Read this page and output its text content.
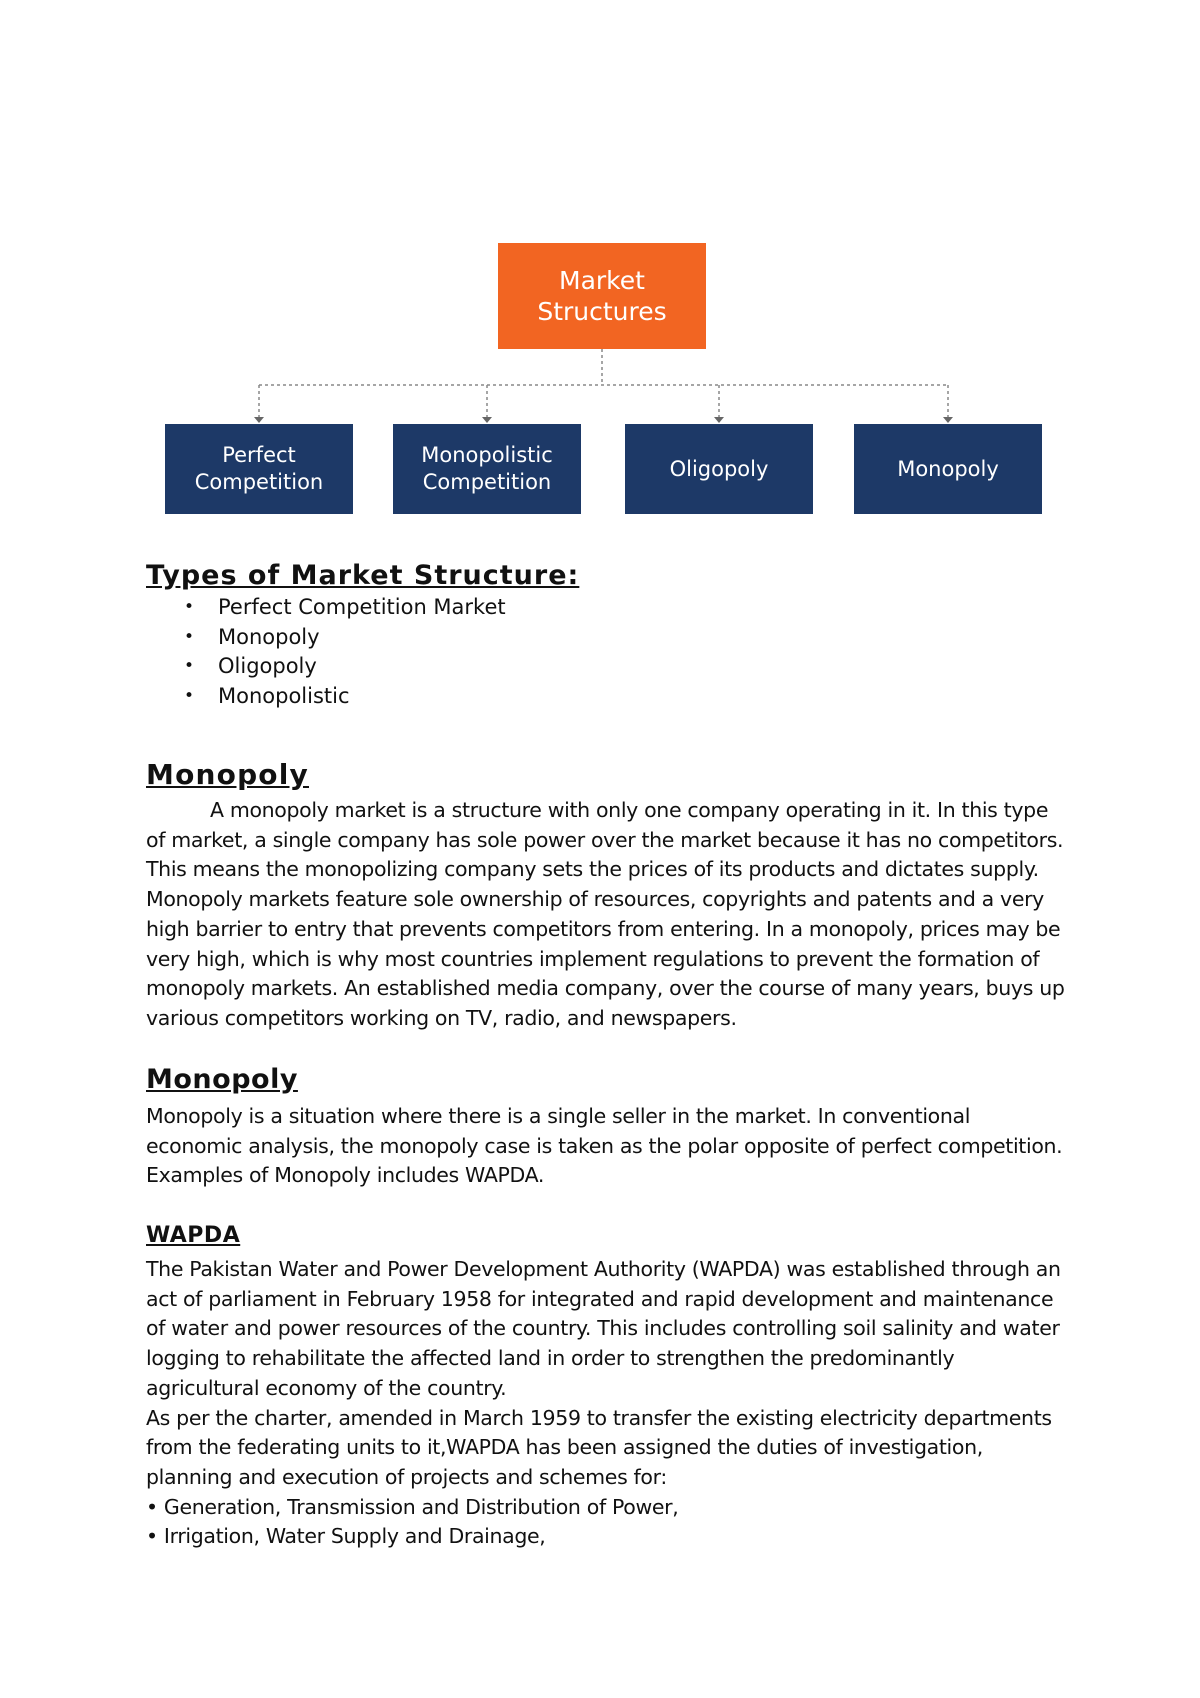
Market
Structures
Perfect
Competition
Monopolistic
Competition
Oligopoly	Monopoly
Types of Market Structure:
• Perfect Competition Market
• Monopoly
• Oligopoly
• Monopolistic
Monopoly

A monopoly market is a structure with only one company operating in it. In this type of market, a single company has sole power over the market because it has no competitors. This means the monopolizing company sets the prices of its products and dictates supply. Monopoly markets feature sole ownership of resources, copyrights and patents and a very high barrier to entry that prevents competitors from entering. In a monopoly, prices may be very high, which is why most countries implement regulations to prevent the formation of monopoly markets. An established media company, over the course of many years, buys up various competitors working on TV, radio, and newspapers.

Monopoly

Monopoly is a situation where there is a single seller in the market. In conventional economic analysis, the monopoly case is taken as the polar opposite of perfect competition. Examples of Monopoly includes WAPDA.

WAPDA
The Pakistan Water and Power Development Authority (WAPDA) was established through an act of parliament in February 1958 for integrated and rapid development and maintenance of water and power resources of the country. This includes controlling soil salinity and water logging to rehabilitate the affected land in order to strengthen the predominantly agricultural economy of the country.
As per the charter, amended in March 1959 to transfer the existing electricity departments from the federating units to it,WAPDA has been assigned the duties of investigation, planning and execution of projects and schemes for:
• Generation, Transmission and Distribution of Power,
• Irrigation, Water Supply and Drainage,
